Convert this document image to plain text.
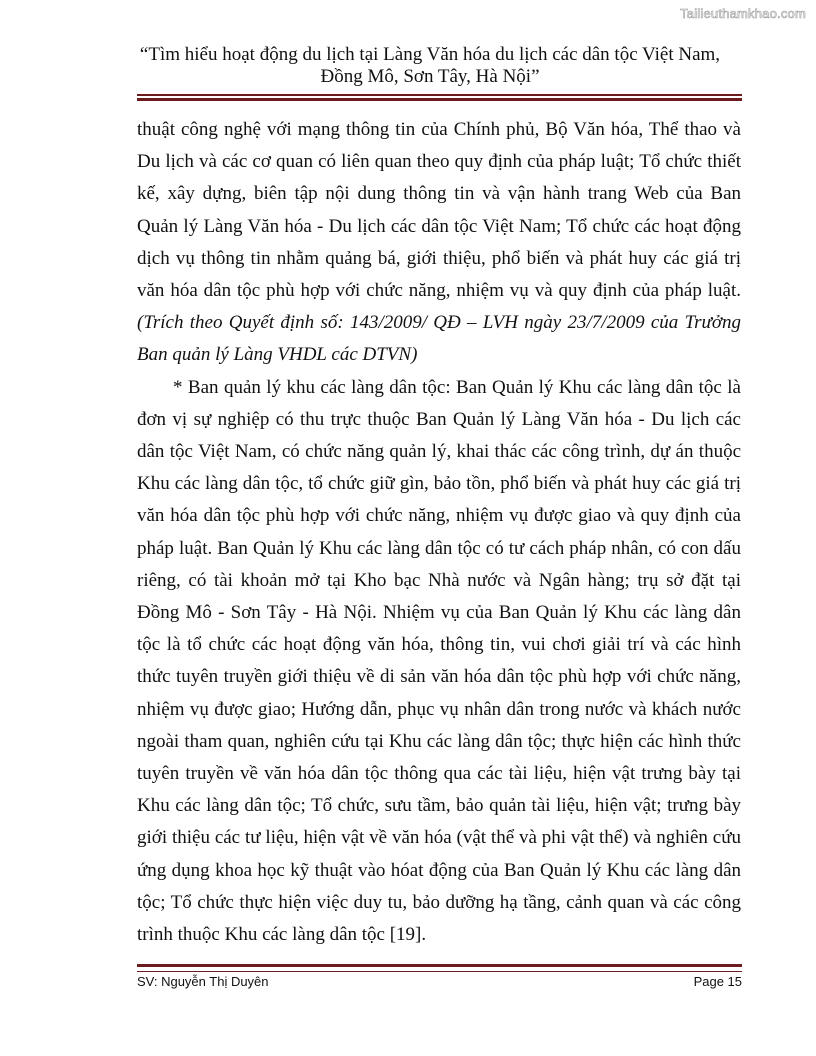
Tailieuthamkhao.com
“Tìm hiểu hoạt động du lịch tại Làng Văn hóa du lịch các dân tộc Việt Nam,
Đồng Mô, Sơn Tây, Hà Nội”

thuật công nghệ với mạng thông tin của Chính phủ, Bộ Văn hóa, Thể thao và Du lịch và các cơ quan có liên quan theo quy định của pháp luật; Tổ chức thiết kế, xây dựng, biên tập nội dung thông tin và vận hành trang Web của Ban Quản lý Làng Văn hóa - Du lịch các dân tộc Việt Nam; Tổ chức các hoạt động dịch vụ thông tin nhằm quảng bá, giới thiệu, phổ biến và phát huy các giá trị văn hóa dân tộc phù hợp với chức năng, nhiệm vụ và quy định của pháp luật. (Trích theo Quyết định số: 143/2009/ QĐ – LVH ngày 23/7/2009 của Trưởng Ban quản lý Làng VHDL các DTVN)

* Ban quản lý khu các làng dân tộc: Ban Quản lý Khu các làng dân tộc là đơn vị sự nghiệp có thu trực thuộc Ban Quản lý Làng Văn hóa - Du lịch các dân tộc Việt Nam, có chức năng quản lý, khai thác các công trình, dự án thuộc Khu các làng dân tộc, tổ chức giữ gìn, bảo tồn, phổ biến và phát huy các giá trị văn hóa dân tộc phù hợp với chức năng, nhiệm vụ được giao và quy định của pháp luật. Ban Quản lý Khu các làng dân tộc có tư cách pháp nhân, có con dấu riêng, có tài khoản mở tại Kho bạc Nhà nước và Ngân hàng; trụ sở đặt tại Đồng Mô - Sơn Tây - Hà Nội. Nhiệm vụ của Ban Quản lý Khu các làng dân tộc là tổ chức các hoạt động văn hóa, thông tin, vui chơi giải trí và các hình thức tuyên truyền giới thiệu về di sản văn hóa dân tộc phù hợp với chức năng, nhiệm vụ được giao; Hướng dẫn, phục vụ nhân dân trong nước và khách nước ngoài tham quan, nghiên cứu tại Khu các làng dân tộc; thực hiện các hình thức tuyên truyền về văn hóa dân tộc thông qua các tài liệu, hiện vật trưng bày tại Khu các làng dân tộc; Tổ chức, sưu tầm, bảo quản tài liệu, hiện vật; trưng bày giới thiệu các tư liệu, hiện vật về văn hóa (vật thể và phi vật thể) và nghiên cứu ứng dụng khoa học kỹ thuật vào hóat động của Ban Quản lý Khu các làng dân tộc; Tổ chức thực hiện việc duy tu, bảo dưỡng hạ tầng, cảnh quan và các công trình thuộc Khu các làng dân tộc [19].

SV: Nguyễn Thị Duyên	Page 15
